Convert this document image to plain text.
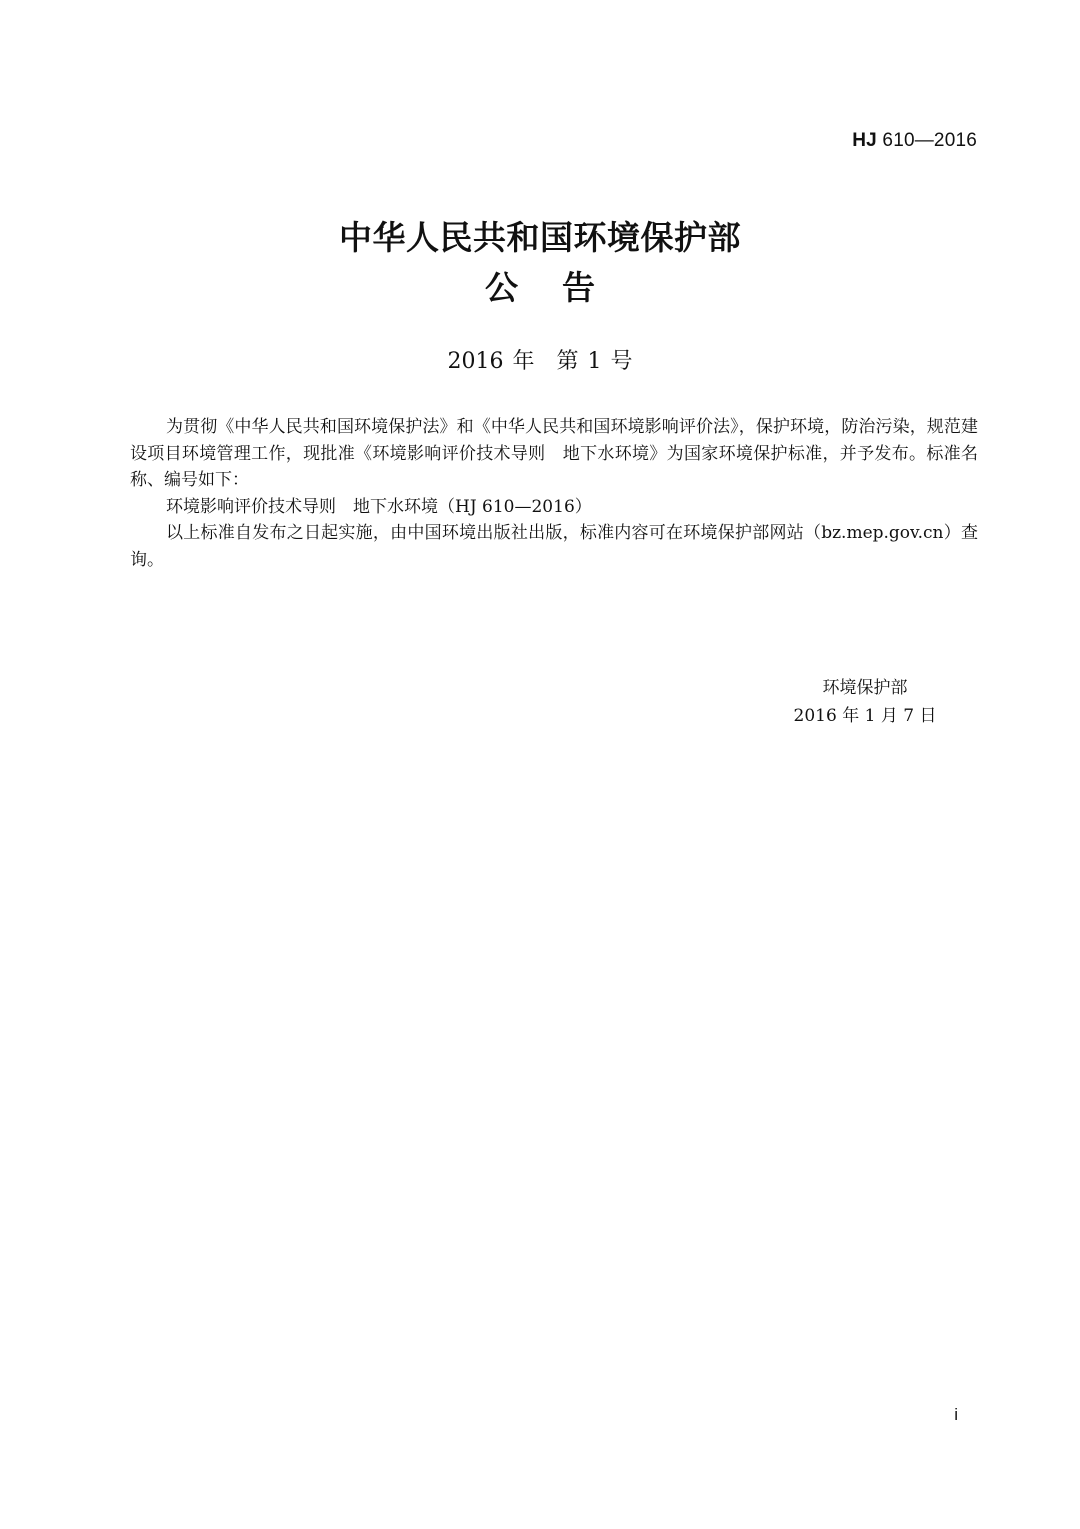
HJ 610—2016
中华人民共和国环境保护部
公告
2016 年　第 1 号

为贯彻《中华人民共和国环境保护法》和《中华人民共和国环境影响评价法》，保护环境，防治污染，规范建设项目环境管理工作，现批准《环境影响评价技术导则　地下水环境》为国家环境保护标准，并予发布。标准名称、编号如下：

环境影响评价技术导则　地下水环境（HJ 610—2016）

以上标准自发布之日起实施，由中国环境出版社出版，标准内容可在环境保护部网站（bz.mep.gov.cn）查询。

环境保护部
2016 年 1 月 7 日
i
